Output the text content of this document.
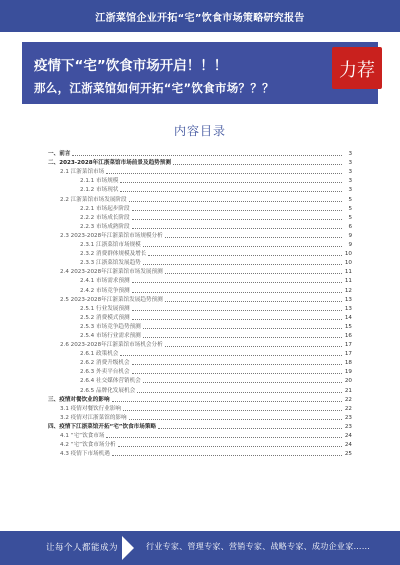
江浙菜馆企业开拓“宅”饮食市场策略研究报告
疫情下“宅”饮食市场开启！！！
那么，江浙菜馆如何开拓“宅”饮食市场？？？
力荐
内容目录
一、前言	3
二、2023-2028年江浙菜馆市场前景及趋势预测	3
2.1 江浙菜馆市场	3
2.1.1 市场规模	3
2.1.2 市场现状	3
2.2 江浙菜馆市场发展阶段	5
2.2.1 市场起步阶段	5
2.2.2 市场成长阶段	5
2.2.3 市场成熟阶段	6
2.3 2023-2028年江浙菜馆市场规模分析	9
2.3.1 江浙菜馆市场规模	9
2.3.2 消费群体规模及增长	10
2.3.3 江浙菜馆发展趋势	10
2.4 2023-2028年江浙菜馆市场发展预测	11
2.4.1 市场需求预测	11
2.4.2 市场竞争预测	12
2.5 2023-2028年江浙菜馆发展趋势预测	13
2.5.1 行业发展预测	13
2.5.2 消费模式预测	14
2.5.3 市场竞争趋势预测	15
2.5.4 市场行业需求预测	16
2.6 2023-2028年江浙菜馆市场机会分析	17
2.6.1 政策机会	17
2.6.2 消费升级机会	18
2.6.3 外卖平台机会	19
2.6.4 社交媒体营销机会	20
2.6.5 品牌化发展机会	21
三、疫情对餐饮业的影响	22
3.1 疫情对餐饮行业影响	22
3.2 疫情对江浙菜馆的影响	23
四、疫情下江浙菜馆开拓“宅”饮食市场策略	23
4.1 “宅”饮食市场	24
4.2 “宅”饮食市场分析	24
4.3 疫情下市场机遇	25
让每个人都能成为	行业专家、管理专家、营销专家、战略专家、成功企业家……
